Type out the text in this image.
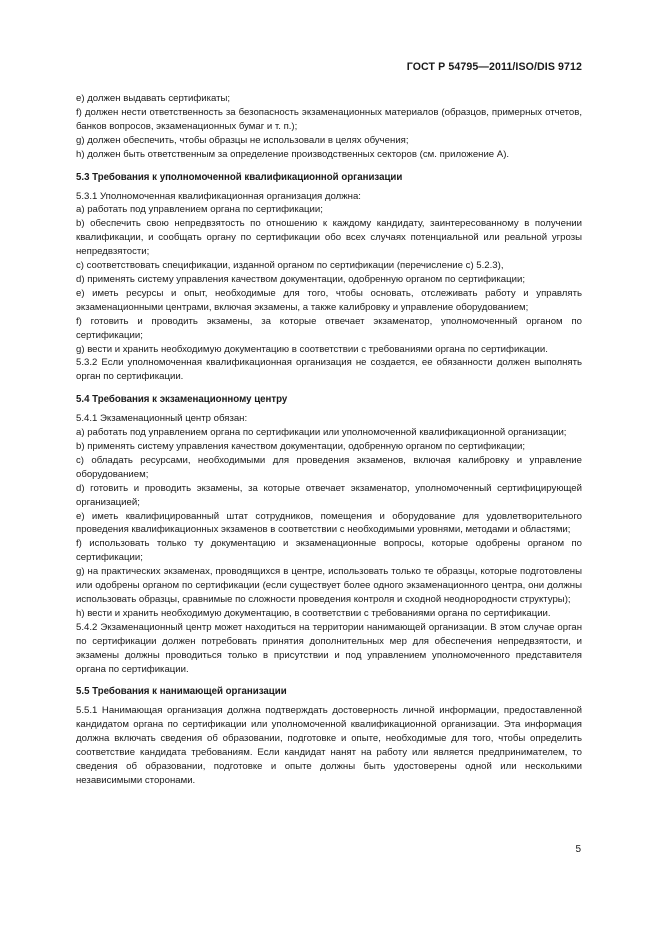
ГОСТ Р 54795—2011/ISO/DIS 9712

e) должен выдавать сертификаты;

f) должен нести ответственность за безопасность экзаменационных материалов (образцов, примерных отчетов, банков вопросов, экзаменационных бумаг и т. п.);

g) должен обеспечить, чтобы образцы не использовали в целях обучения;

h) должен быть ответственным за определение производственных секторов (см. приложение А).

5.3 Требования к уполномоченной квалификационной организации

5.3.1 Уполномоченная квалификационная организация должна:

a) работать под управлением органа по сертификации;

b) обеспечить свою непредвзятость по отношению к каждому кандидату, заинтересованному в получении квалификации, и сообщать органу по сертификации обо всех случаях потенциальной или реальной угрозы непредвзятости;

c) соответствовать спецификации, изданной органом по сертификации (перечисление c) 5.2.3),

d) применять систему управления качеством документации, одобренную органом по сертификации;

e) иметь ресурсы и опыт, необходимые для того, чтобы основать, отслеживать работу и управлять экзаменационными центрами, включая экзамены, а также калибровку и управление оборудованием;

f) готовить и проводить экзамены, за которые отвечает экзаменатор, уполномоченный органом по сертификации;

g) вести и хранить необходимую документацию в соответствии с требованиями органа по сертификации.

5.3.2 Если уполномоченная квалификационная организация не создается, ее обязанности должен выполнять орган по сертификации.

5.4 Требования к экзаменационному центру

5.4.1 Экзаменационный центр обязан:

a) работать под управлением органа по сертификации или уполномоченной квалификационной организации;

b) применять систему управления качеством документации, одобренную органом по сертификации;

c) обладать ресурсами, необходимыми для проведения экзаменов, включая калибровку и управление оборудованием;

d) готовить и проводить экзамены, за которые отвечает экзаменатор, уполномоченный сертифицирующей организацией;

e) иметь квалифицированный штат сотрудников, помещения и оборудование для удовлетворительного проведения квалификационных экзаменов в соответствии с необходимыми уровнями, методами и областями;

f) использовать только ту документацию и экзаменационные вопросы, которые одобрены органом по сертификации;

g) на практических экзаменах, проводящихся в центре, использовать только те образцы, которые подготовлены или одобрены органом по сертификации (если существует более одного экзаменационного центра, они должны использовать образцы, сравнимые по сложности проведения контроля и сходной неоднородности структуры);

h) вести и хранить необходимую документацию, в соответствии с требованиями органа по сертификации.

5.4.2 Экзаменационный центр может находиться на территории нанимающей организации. В этом случае орган по сертификации должен потребовать принятия дополнительных мер для обеспечения непредвзятости, и экзамены должны проводиться только в присутствии и под управлением уполномоченного представителя органа по сертификации.

5.5 Требования к нанимающей организации

5.5.1 Нанимающая организация должна подтверждать достоверность личной информации, предоставленной кандидатом органа по сертификации или уполномоченной квалификационной организации. Эта информация должна включать сведения об образовании, подготовке и опыте, необходимые для того, чтобы определить соответствие кандидата требованиям. Если кандидат нанят на работу или является предпринимателем, то сведения об образовании, подготовке и опыте должны быть удостоверены одной или несколькими независимыми сторонами.

5
